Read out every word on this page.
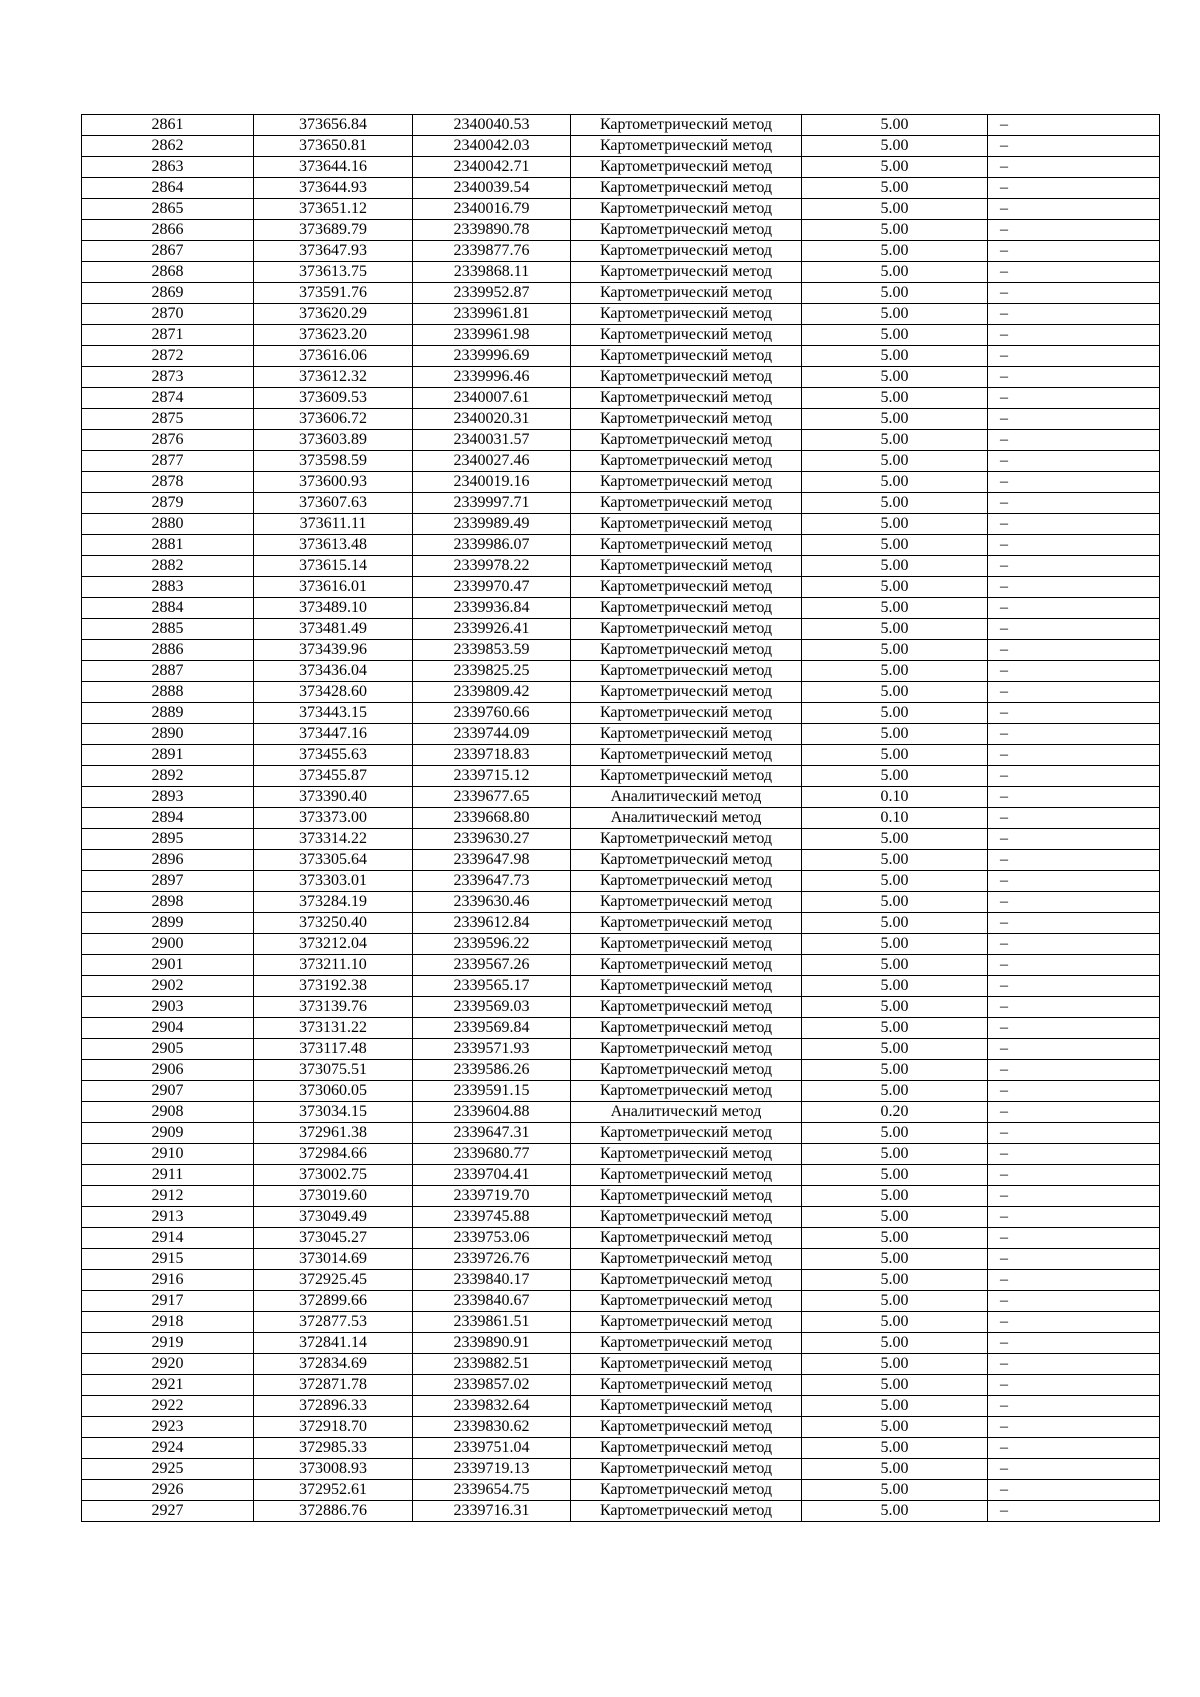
2861	373656.84	2340040.53	Картометрический метод	5.00	–
2862	373650.81	2340042.03	Картометрический метод	5.00	–
2863	373644.16	2340042.71	Картометрический метод	5.00	–
2864	373644.93	2340039.54	Картометрический метод	5.00	–
2865	373651.12	2340016.79	Картометрический метод	5.00	–
2866	373689.79	2339890.78	Картометрический метод	5.00	–
2867	373647.93	2339877.76	Картометрический метод	5.00	–
2868	373613.75	2339868.11	Картометрический метод	5.00	–
2869	373591.76	2339952.87	Картометрический метод	5.00	–
2870	373620.29	2339961.81	Картометрический метод	5.00	–
2871	373623.20	2339961.98	Картометрический метод	5.00	–
2872	373616.06	2339996.69	Картометрический метод	5.00	–
2873	373612.32	2339996.46	Картометрический метод	5.00	–
2874	373609.53	2340007.61	Картометрический метод	5.00	–
2875	373606.72	2340020.31	Картометрический метод	5.00	–
2876	373603.89	2340031.57	Картометрический метод	5.00	–
2877	373598.59	2340027.46	Картометрический метод	5.00	–
2878	373600.93	2340019.16	Картометрический метод	5.00	–
2879	373607.63	2339997.71	Картометрический метод	5.00	–
2880	373611.11	2339989.49	Картометрический метод	5.00	–
2881	373613.48	2339986.07	Картометрический метод	5.00	–
2882	373615.14	2339978.22	Картометрический метод	5.00	–
2883	373616.01	2339970.47	Картометрический метод	5.00	–
2884	373489.10	2339936.84	Картометрический метод	5.00	–
2885	373481.49	2339926.41	Картометрический метод	5.00	–
2886	373439.96	2339853.59	Картометрический метод	5.00	–
2887	373436.04	2339825.25	Картометрический метод	5.00	–
2888	373428.60	2339809.42	Картометрический метод	5.00	–
2889	373443.15	2339760.66	Картометрический метод	5.00	–
2890	373447.16	2339744.09	Картометрический метод	5.00	–
2891	373455.63	2339718.83	Картометрический метод	5.00	–
2892	373455.87	2339715.12	Картометрический метод	5.00	–
2893	373390.40	2339677.65	Аналитический метод	0.10	–
2894	373373.00	2339668.80	Аналитический метод	0.10	–
2895	373314.22	2339630.27	Картометрический метод	5.00	–
2896	373305.64	2339647.98	Картометрический метод	5.00	–
2897	373303.01	2339647.73	Картометрический метод	5.00	–
2898	373284.19	2339630.46	Картометрический метод	5.00	–
2899	373250.40	2339612.84	Картометрический метод	5.00	–
2900	373212.04	2339596.22	Картометрический метод	5.00	–
2901	373211.10	2339567.26	Картометрический метод	5.00	–
2902	373192.38	2339565.17	Картометрический метод	5.00	–
2903	373139.76	2339569.03	Картометрический метод	5.00	–
2904	373131.22	2339569.84	Картометрический метод	5.00	–
2905	373117.48	2339571.93	Картометрический метод	5.00	–
2906	373075.51	2339586.26	Картометрический метод	5.00	–
2907	373060.05	2339591.15	Картометрический метод	5.00	–
2908	373034.15	2339604.88	Аналитический метод	0.20	–
2909	372961.38	2339647.31	Картометрический метод	5.00	–
2910	372984.66	2339680.77	Картометрический метод	5.00	–
2911	373002.75	2339704.41	Картометрический метод	5.00	–
2912	373019.60	2339719.70	Картометрический метод	5.00	–
2913	373049.49	2339745.88	Картометрический метод	5.00	–
2914	373045.27	2339753.06	Картометрический метод	5.00	–
2915	373014.69	2339726.76	Картометрический метод	5.00	–
2916	372925.45	2339840.17	Картометрический метод	5.00	–
2917	372899.66	2339840.67	Картометрический метод	5.00	–
2918	372877.53	2339861.51	Картометрический метод	5.00	–
2919	372841.14	2339890.91	Картометрический метод	5.00	–
2920	372834.69	2339882.51	Картометрический метод	5.00	–
2921	372871.78	2339857.02	Картометрический метод	5.00	–
2922	372896.33	2339832.64	Картометрический метод	5.00	–
2923	372918.70	2339830.62	Картометрический метод	5.00	–
2924	372985.33	2339751.04	Картометрический метод	5.00	–
2925	373008.93	2339719.13	Картометрический метод	5.00	–
2926	372952.61	2339654.75	Картометрический метод	5.00	–
2927	372886.76	2339716.31	Картометрический метод	5.00	–
